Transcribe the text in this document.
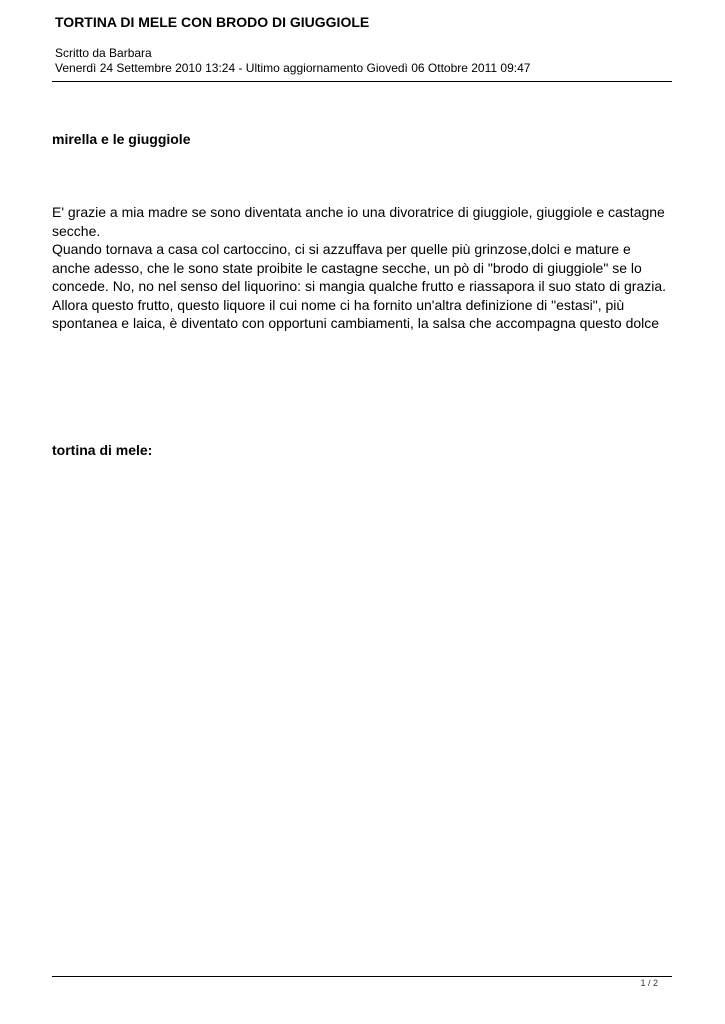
TORTINA DI MELE CON BRODO DI GIUGGIOLE
Scritto da Barbara
Venerdì 24 Settembre 2010 13:24 - Ultimo aggiornamento Giovedì 06 Ottobre 2011 09:47
mirella e le giuggiole

E' grazie a mia madre se sono diventata anche io una divoratrice di giuggiole, giuggiole e castagne secche.

Quando tornava a casa col cartoccino, ci si azzuffava per quelle più grinzose,dolci e mature e anche adesso, che le sono state proibite le castagne secche, un pò di "brodo di giuggiole" se lo concede. No, no nel senso del liquorino: si mangia qualche frutto e riassapora il suo stato di grazia.

Allora questo frutto, questo liquore il cui nome ci ha fornito un'altra definizione di "estasi", più spontanea e laica, è diventato con opportuni cambiamenti, la salsa che accompagna questo dolce

tortina di mele:
1 / 2
